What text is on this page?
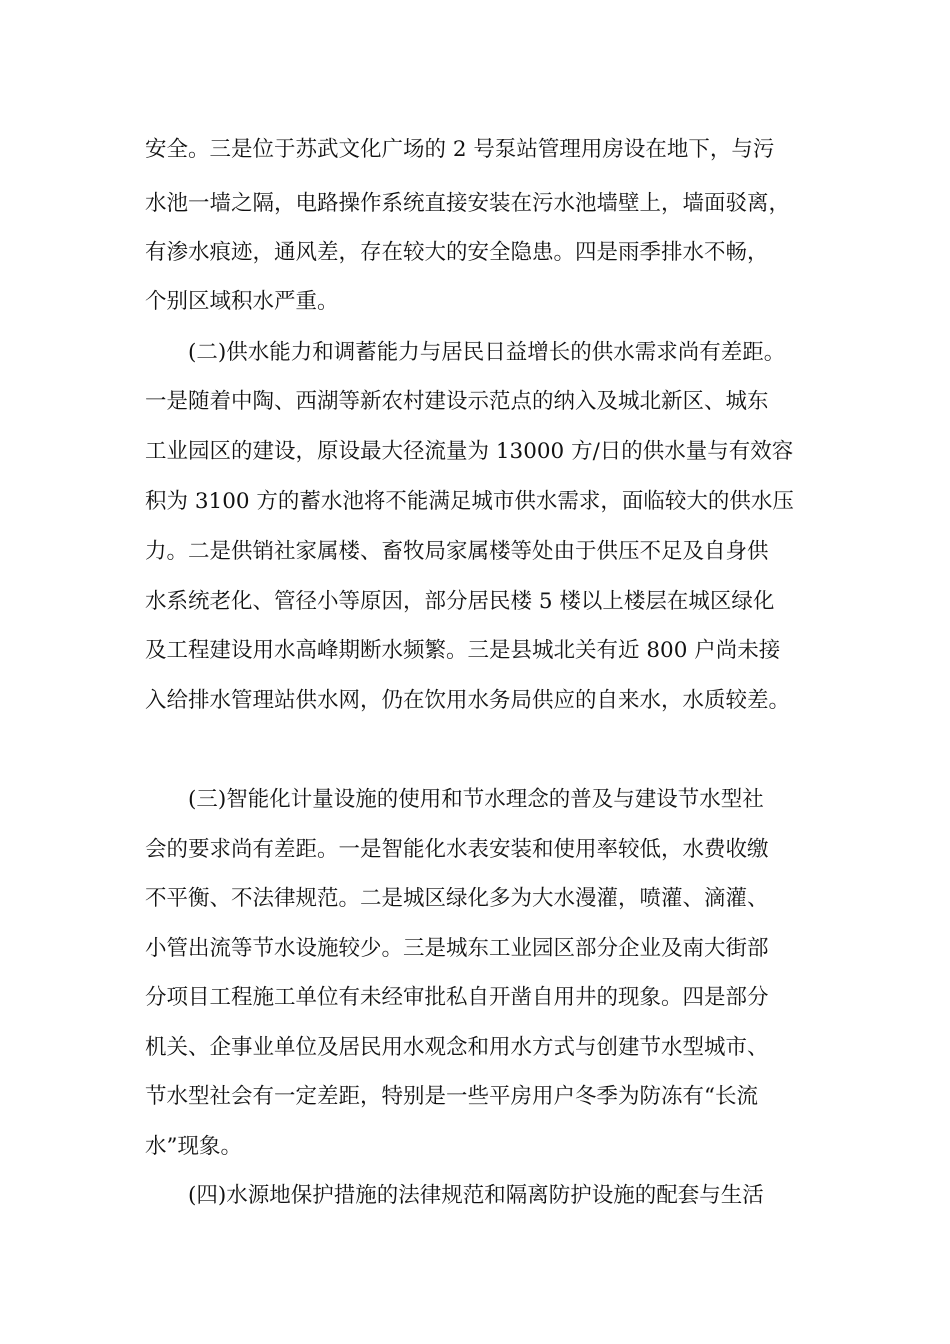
安全。三是位于苏武文化广场的 2 号泵站管理用房设在地下，与污
水池一墙之隔，电路操作系统直接安装在污水池墙壁上，墙面驳离，
有渗水痕迹，通风差，存在较大的安全隐患。四是雨季排水不畅，
个别区域积水严重。
(二)供水能力和调蓄能力与居民日益增长的供水需求尚有差距。
一是随着中陶、西湖等新农村建设示范点的纳入及城北新区、城东
工业园区的建设，原设最大径流量为 13000 方/日的供水量与有效容
积为 3100 方的蓄水池将不能满足城市供水需求，面临较大的供水压
力。二是供销社家属楼、畜牧局家属楼等处由于供压不足及自身供
水系统老化、管径小等原因，部分居民楼 5 楼以上楼层在城区绿化
及工程建设用水高峰期断水频繁。三是县城北关有近 800 户尚未接
入给排水管理站供水网，仍在饮用水务局供应的自来水，水质较差。
(三)智能化计量设施的使用和节水理念的普及与建设节水型社
会的要求尚有差距。一是智能化水表安装和使用率较低，水费收缴
不平衡、不法律规范。二是城区绿化多为大水漫灌，喷灌、滴灌、
小管出流等节水设施较少。三是城东工业园区部分企业及南大街部
分项目工程施工单位有未经审批私自开凿自用井的现象。四是部分
机关、企事业单位及居民用水观念和用水方式与创建节水型城市、
节水型社会有一定差距，特别是一些平房用户冬季为防冻有“长流
水”现象。
(四)水源地保护措施的法律规范和隔离防护设施的配套与生活
